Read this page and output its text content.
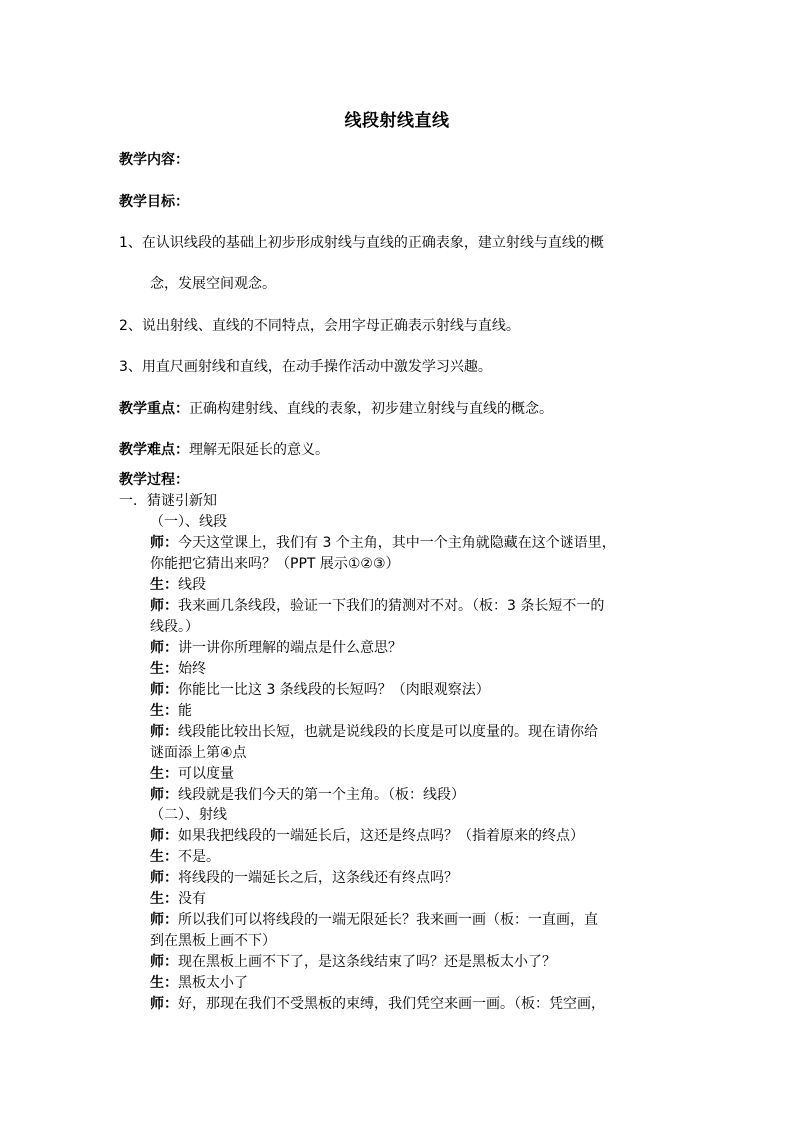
线段射线直线
教学内容：
教学目标：
1、在认识线段的基础上初步形成射线与直线的正确表象，建立射线与直线的概
念，发展空间观念。
2、说出射线、直线的不同特点，会用字母正确表示射线与直线。
3、用直尺画射线和直线，在动手操作活动中激发学习兴趣。
教学重点：正确构建射线、直线的表象，初步建立射线与直线的概念。
教学难点：理解无限延长的意义。
教学过程：
一．猜谜引新知
（一）、线段
师：今天这堂课上，我们有 3 个主角，其中一个主角就隐藏在这个谜语里，
你能把它猜出来吗？（PPT 展示①②③）
生：线段
师：我来画几条线段，验证一下我们的猜测对不对。（板：3 条长短不一的
线段。）
师：讲一讲你所理解的端点是什么意思？
生：始终
师：你能比一比这 3 条线段的长短吗？（肉眼观察法）
生：能
师：线段能比较出长短，也就是说线段的长度是可以度量的。现在请你给
谜面添上第④点
生：可以度量
师：线段就是我们今天的第一个主角。（板：线段）
（二）、射线
师：如果我把线段的一端延长后，这还是终点吗？（指着原来的终点）
生：不是。
师：将线段的一端延长之后，这条线还有终点吗？
生：没有
师：所以我们可以将线段的一端无限延长？我来画一画（板：一直画，直
到在黑板上画不下）
师：现在黑板上画不下了，是这条线结束了吗？还是黑板太小了？
生：黑板太小了
师：好，那现在我们不受黑板的束缚，我们凭空来画一画。（板：凭空画，
